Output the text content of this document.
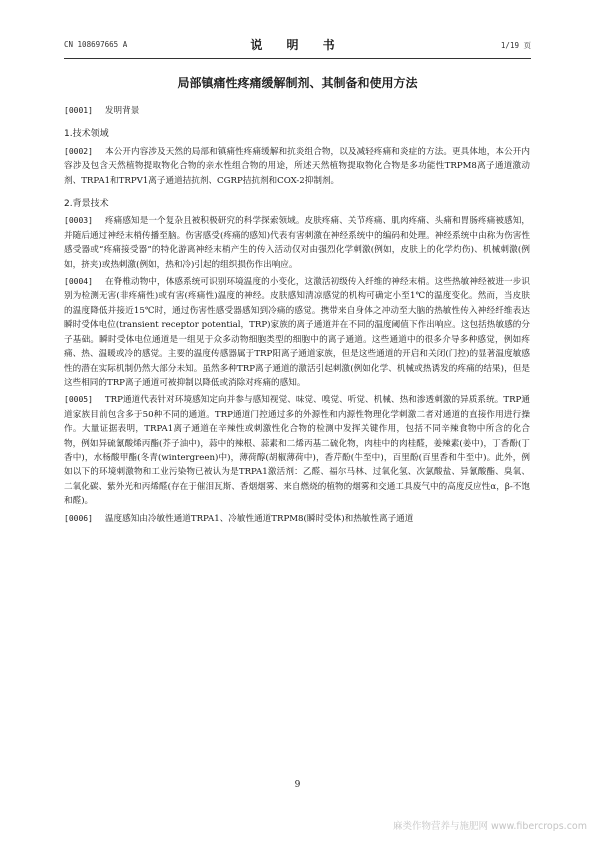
CN 108697665 A	说 明 书	1/19 页
局部镇痛性疼痛缓解制剂、其制备和使用方法

[0001] 发明背景

1.技术领域

[0002] 本公开内容涉及天然的局部和镇痛性疼痛缓解和抗炎组合物，以及减轻疼痛和炎症的方法。更具体地，本公开内容涉及包含天然植物提取物化合物的亲水性组合物的用途，所述天然植物提取物化合物是多功能性TRPM8离子通道激动剂、TRPA1和TRPV1离子通道拮抗剂、CGRP拮抗剂和COX-2抑制剂。

2.背景技术

[0003] 疼痛感知是一个复杂且被积极研究的科学探索领域。皮肤疼痛、关节疼痛、肌肉疼痛、头痛和胃肠疼痛被感知，并随后通过神经末梢传播至脑。伤害感受(疼痛的感知)代表有害刺激在神经系统中的编码和处理。神经系统中由称为伤害性感受器或“疼痛接受器”的特化游离神经末梢产生的传入活动仅对由强烈化学刺激(例如，皮肤上的化学灼伤)、机械刺激(例如，挤夹)或热刺激(例如，热和冷)引起的组织损伤作出响应。

[0004] 在脊椎动物中，体感系统可识别环境温度的小变化，这激活初级传入纤维的神经末梢。这些热敏神经被进一步识别为检测无害(非疼痛性)或有害(疼痛性)温度的神经。皮肤感知清凉感觉的机构可确定小至1℃的温度变化。然而，当皮肤的温度降低并接近15℃时，通过伤害性感受器感知到冷痛的感觉。携带来自身体之冲动至大脑的热敏性传入神经纤维表达瞬时受体电位(transient receptor potential，TRP)家族的离子通道并在不同的温度阈值下作出响应。这包括热敏感的分子基础。瞬时受体电位通道是一组见于众多动物细胞类型的细胞中的离子通道。这些通道中的很多介导多种感觉，例如疼痛、热、温暖或冷的感觉。主要的温度传感器属于TRP阳离子通道家族，但是这些通道的开启和关闭(门控)的显著温度敏感性的潜在实际机制仍然大部分未知。虽然多种TRP离子通道的激活引起刺激(例如化学、机械或热诱发的疼痛的结果)，但是这些相同的TRP离子通道可被抑制以降低或消除对疼痛的感知。

[0005] TRP通道代表针对环境感知定向并参与感知视觉、味觉、嗅觉、听觉、机械、热和渗透刺激的异质系统。TRP通道家族目前包含多于50种不同的通道。TRP通道门控通过多的外源性和内源性物理化学刺激二者对通道的直接作用进行操作。大量证据表明，TRPA1离子通道在辛辣性或刺激性化合物的检测中发挥关键作用，包括不同辛辣食物中所含的化合物，例如异硫氰酸烯丙酯(芥子油中)，蒜中的辣根、蒜素和二烯丙基二硫化物，肉桂中的肉桂醛，姜辣素(姜中)，丁香酚(丁香中)，水杨酸甲酯(冬青(wintergreen)中)，薄荷醇(胡椒薄荷中)，香芹酚(牛至中)，百里酚(百里香和牛至中)。此外，例如以下的环境刺激物和工业污染物已被认为是TRPA1激活剂：乙醛、福尔马林、过氧化氢、次氯酸盐、异氰酸酯、臭氧、二氧化碳、紫外光和丙烯醛(存在于催泪瓦斯、香烟烟雾、来自燃烧的植物的烟雾和交通工具废气中的高度反应性α，β-不饱和醛)。

[0006] 温度感知由冷敏性通道TRPA1、冷敏性通道TRPM8(瞬时受体)和热敏性离子通道

9
麻类作物营养与施肥网 www.fibercrops.com
